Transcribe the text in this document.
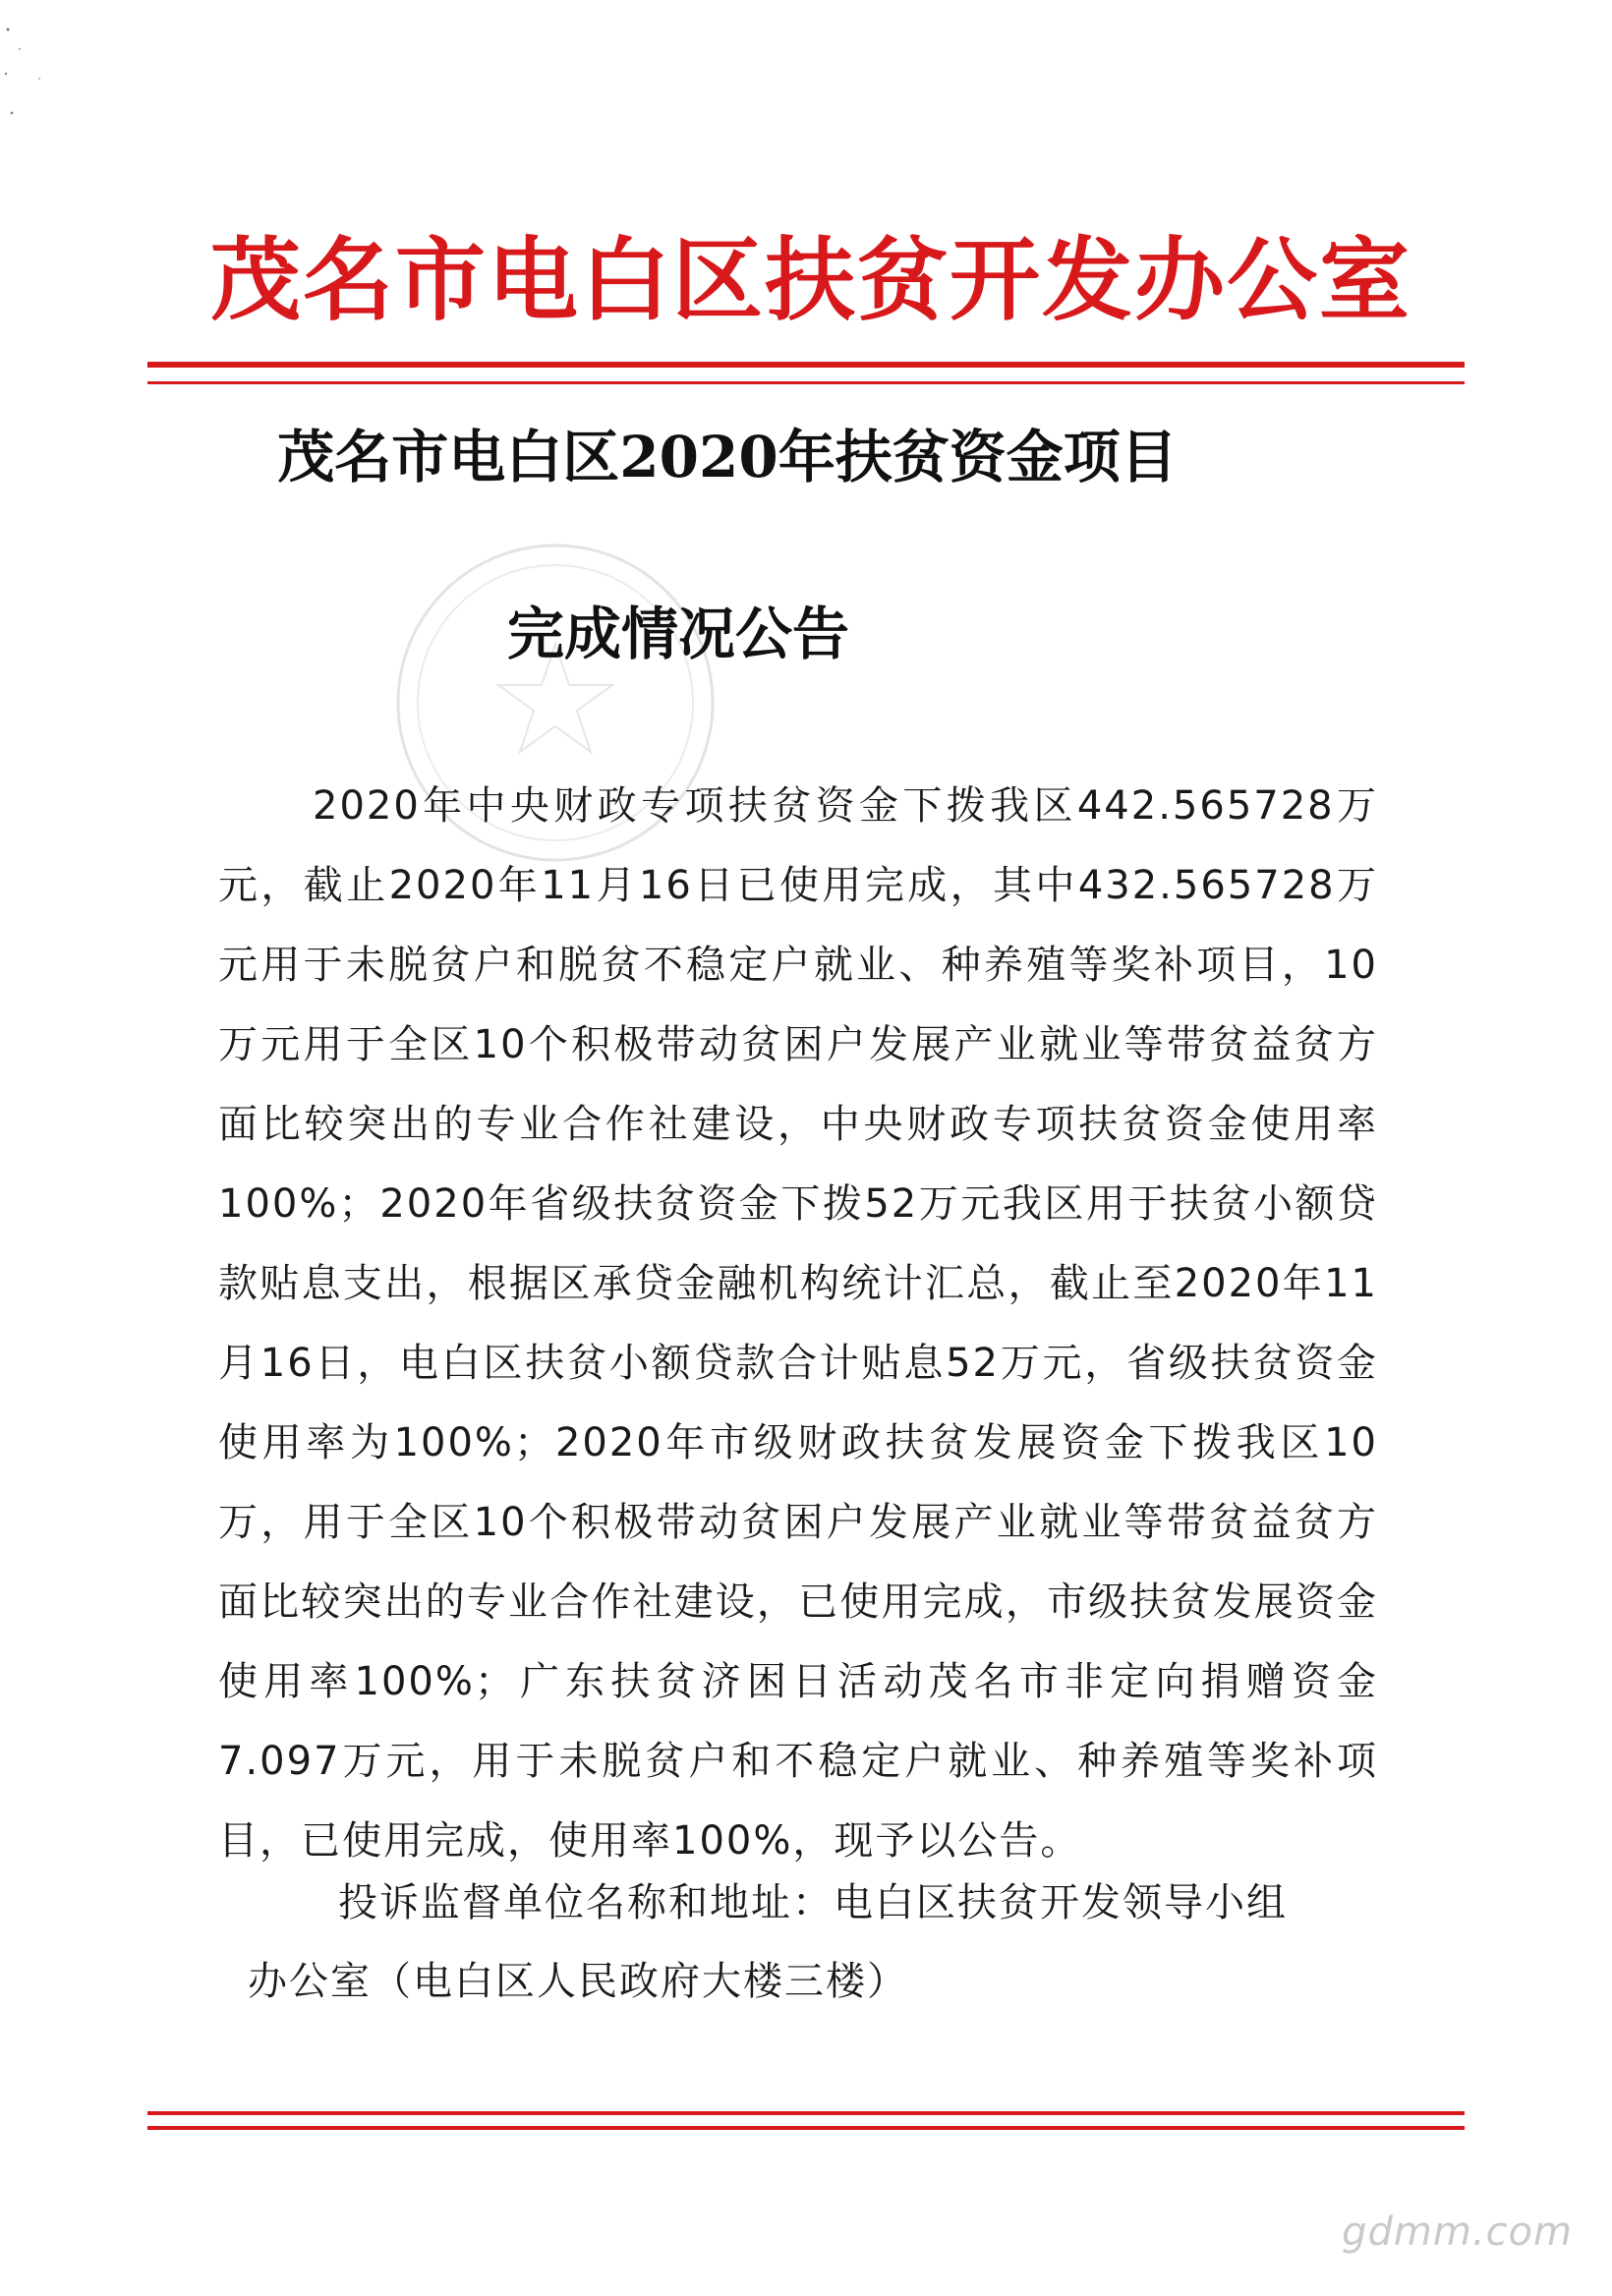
茂名市电白区扶贫开发办公室
茂名市电白区2020年扶贫资金项目
完成情况公告

2020年中央财政专项扶贫资金下拨我区442.565728万元，截止2020年11月16日已使用完成，其中432.565728万元用于未脱贫户和脱贫不稳定户就业、种养殖等奖补项目，10万元用于全区10个积极带动贫困户发展产业就业等带贫益贫方面比较突出的专业合作社建设，中央财政专项扶贫资金使用率100%；2020年省级扶贫资金下拨52万元我区用于扶贫小额贷款贴息支出，根据区承贷金融机构统计汇总，截止至2020年11月16日，电白区扶贫小额贷款合计贴息52万元，省级扶贫资金使用率为100%；2020年市级财政扶贫发展资金下拨我区10万，用于全区10个积极带动贫困户发展产业就业等带贫益贫方面比较突出的专业合作社建设，已使用完成，市级扶贫发展资金使用率100%；广东扶贫济困日活动茂名市非定向捐赠资金7.097万元，用于未脱贫户和不稳定户就业、种养殖等奖补项目，已使用完成，使用率100%，现予以公告。

投诉监督单位名称和地址：电白区扶贫开发领导小组
办公室（电白区人民政府大楼三楼）

gdmm.com
